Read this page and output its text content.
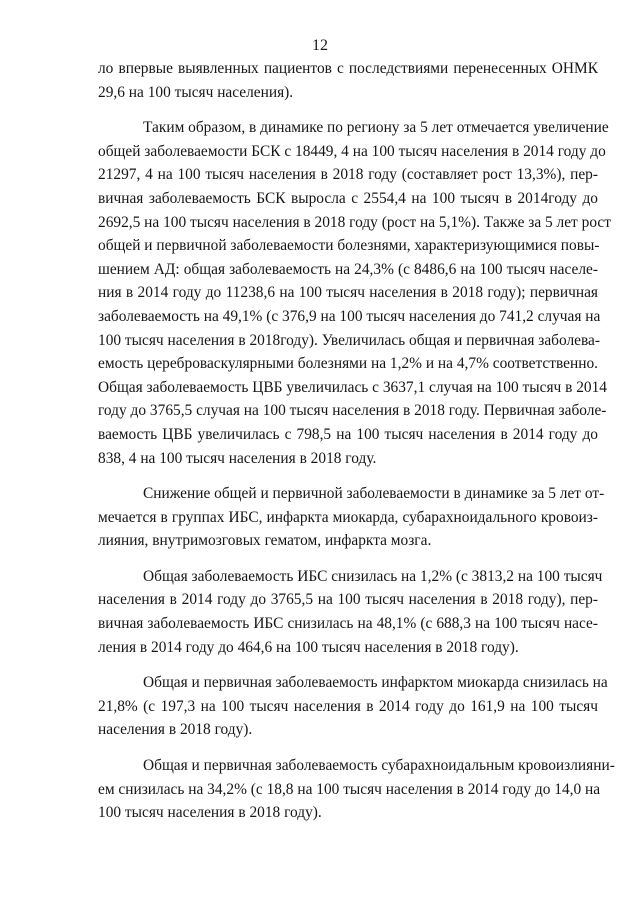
12
ло впервые выявленных пациентов с последствиями перенесенных ОНМК
29,6 на 100 тысяч населения).
Таким образом, в динамике по региону за 5 лет отмечается увеличение
общей заболеваемости БСК с 18449, 4 на 100 тысяч населения в 2014 году до
21297, 4 на 100 тысяч населения в 2018 году (составляет рост 13,3%), пер-
вичная заболеваемость БСК выросла с 2554,4 на 100 тысяч в 2014году до
2692,5 на 100 тысяч населения в 2018 году (рост на 5,1%). Также за 5 лет рост
общей и первичной заболеваемости болезнями, характеризующимися повы-
шением АД: общая заболеваемость на 24,3% (с 8486,6 на 100 тысяч населе-
ния в 2014 году до 11238,6 на 100 тысяч населения в 2018 году); первичная
заболеваемость на 49,1% (с 376,9 на 100 тысяч населения до 741,2 случая на
100 тысяч населения в 2018году). Увеличилась общая и первичная заболева-
емость цереброваскулярными болезнями на 1,2% и на 4,7% соответственно.
Общая заболеваемость ЦВБ увеличилась с 3637,1 случая на 100 тысяч в 2014
году до 3765,5 случая на 100 тысяч населения в 2018 году. Первичная заболе-
ваемость ЦВБ увеличилась с 798,5 на 100 тысяч населения в 2014 году до
838, 4 на 100 тысяч населения в 2018 году.
Снижение общей и первичной заболеваемости в динамике за 5 лет от-
мечается в группах ИБС, инфаркта миокарда, субарахноидального кровоиз-
лияния, внутримозговых гематом, инфаркта мозга.
Общая заболеваемость ИБС снизилась на 1,2% (с 3813,2 на 100 тысяч
населения в 2014 году до 3765,5 на 100 тысяч населения в 2018 году), пер-
вичная заболеваемость ИБС снизилась на 48,1% (с 688,3 на 100 тысяч насе-
ления в 2014 году до 464,6 на 100 тысяч населения в 2018 году).
Общая и первичная заболеваемость инфарктом миокарда снизилась на
21,8% (с 197,3 на 100 тысяч населения в 2014 году до 161,9 на 100 тысяч
населения в 2018 году).
Общая и первичная заболеваемость субарахноидальным кровоизлияни-
ем снизилась на 34,2% (с 18,8 на 100 тысяч населения в 2014 году до 14,0 на
100 тысяч населения в 2018 году).
